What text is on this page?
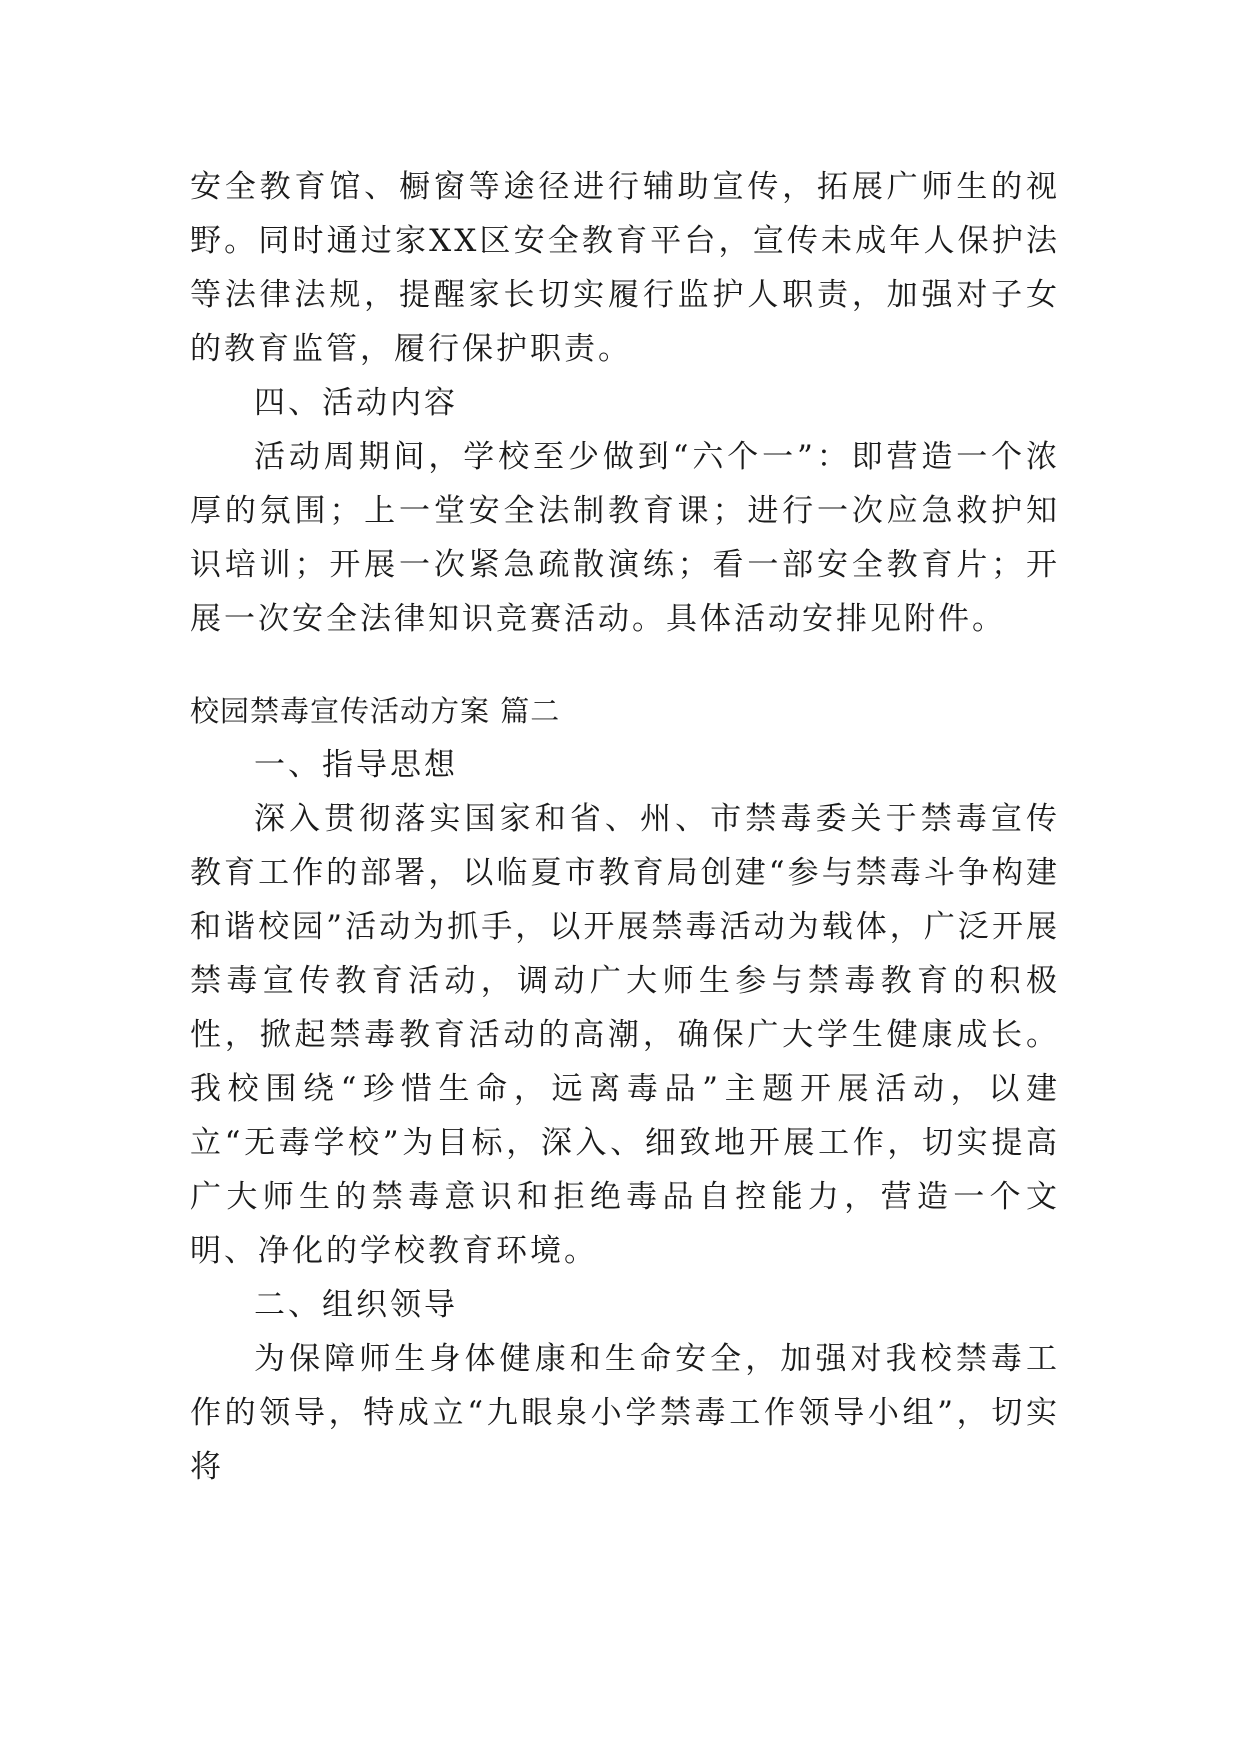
安全教育馆、橱窗等途径进行辅助宣传，拓展广师生的视野。同时通过家XX区安全教育平台，宣传未成年人保护法等法律法规，提醒家长切实履行监护人职责，加强对子女的教育监管，履行保护职责。

四、活动内容

活动周期间，学校至少做到“六个一”：即营造一个浓厚的氛围；上一堂安全法制教育课；进行一次应急救护知识培训；开展一次紧急疏散演练；看一部安全教育片；开展一次安全法律知识竞赛活动。具体活动安排见附件。

校园禁毒宣传活动方案 篇二

一、指导思想

深入贯彻落实国家和省、州、市禁毒委关于禁毒宣传教育工作的部署，以临夏市教育局创建“参与禁毒斗争构建和谐校园”活动为抓手，以开展禁毒活动为载体，广泛开展禁毒宣传教育活动，调动广大师生参与禁毒教育的积极性，掀起禁毒教育活动的高潮，确保广大学生健康成长。我校围绕“珍惜生命，远离毒品”主题开展活动，以建立“无毒学校”为目标，深入、细致地开展工作，切实提高广大师生的禁毒意识和拒绝毒品自控能力，营造一个文明、净化的学校教育环境。

二、组织领导

为保障师生身体健康和生命安全，加强对我校禁毒工作的领导，特成立“九眼泉小学禁毒工作领导小组”，切实将
